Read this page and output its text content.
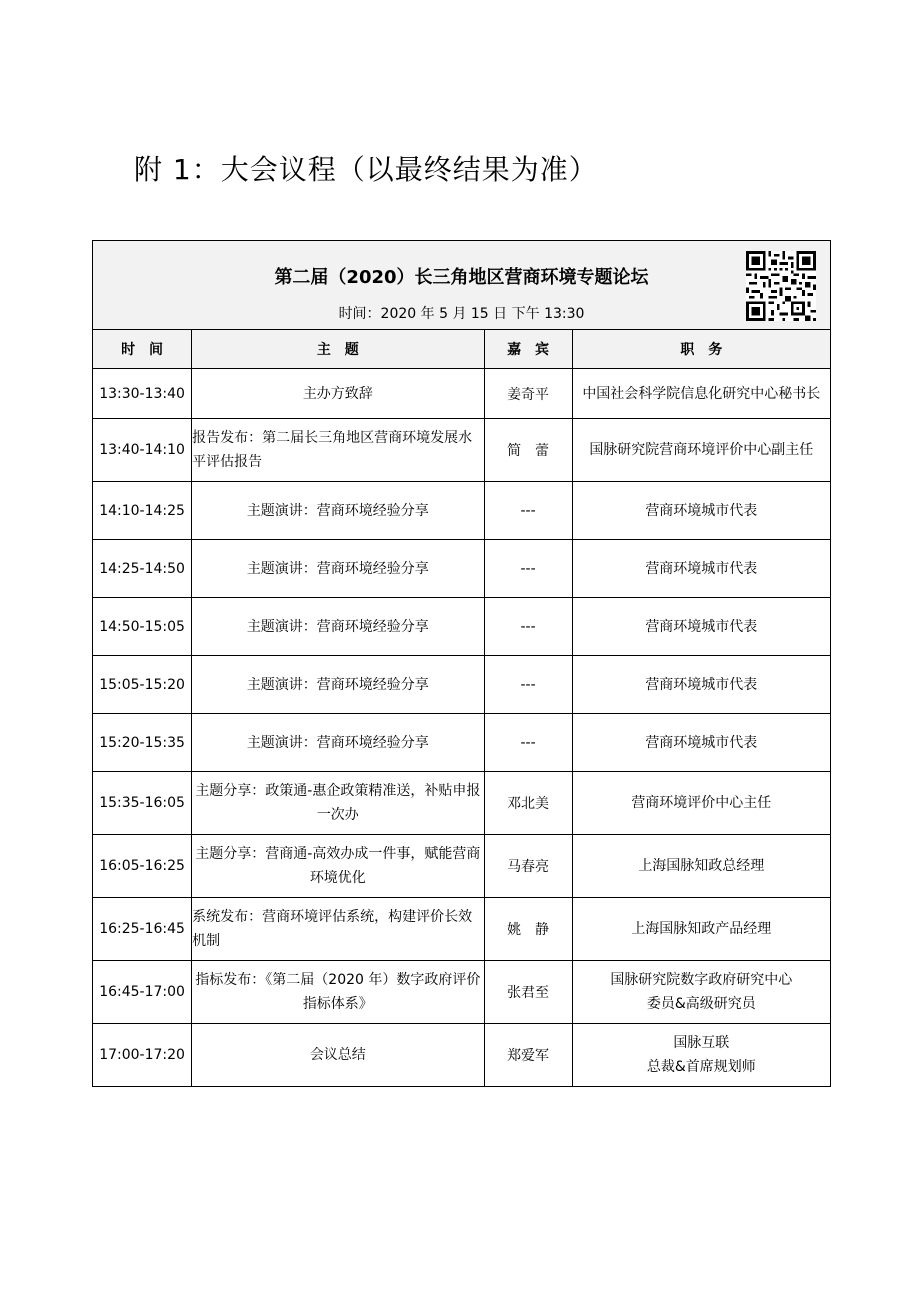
附 1：大会议程（以最终结果为准）
第二届（2020）长三角地区营商环境专题论坛
时间：2020 年 5 月 15 日 下午 13:30			

时　间	主　题	嘉　宾	职　务
13:30-13:40	主办方致辞	姜奇平	中国社会科学院信息化研究中心秘书长
13:40-14:10	报告发布：第二届长三角地区营商环境发展水平评估报告	简　蕾	国脉研究院营商环境评价中心副主任
14:10-14:25	主题演讲：营商环境经验分享	---	营商环境城市代表
14:25-14:50	主题演讲：营商环境经验分享	---	营商环境城市代表
14:50-15:05	主题演讲：营商环境经验分享	---	营商环境城市代表
15:05-15:20	主题演讲：营商环境经验分享	---	营商环境城市代表
15:20-15:35	主题演讲：营商环境经验分享	---	营商环境城市代表
15:35-16:05	主题分享：政策通-惠企政策精准送，补贴申报一次办	邓北美	营商环境评价中心主任
16:05-16:25	主题分享：营商通-高效办成一件事，赋能营商环境优化	马春亮	上海国脉知政总经理
16:25-16:45	系统发布：营商环境评估系统，构建评价长效机制	姚　静	上海国脉知政产品经理
16:45-17:00	指标发布：《第二届（2020 年）数字政府评价指标体系》	张君至	国脉研究院数字政府研究中心
委员&高级研究员

17:00-17:20	会议总结	郑爱军	国脉互联
总裁&首席规划师
